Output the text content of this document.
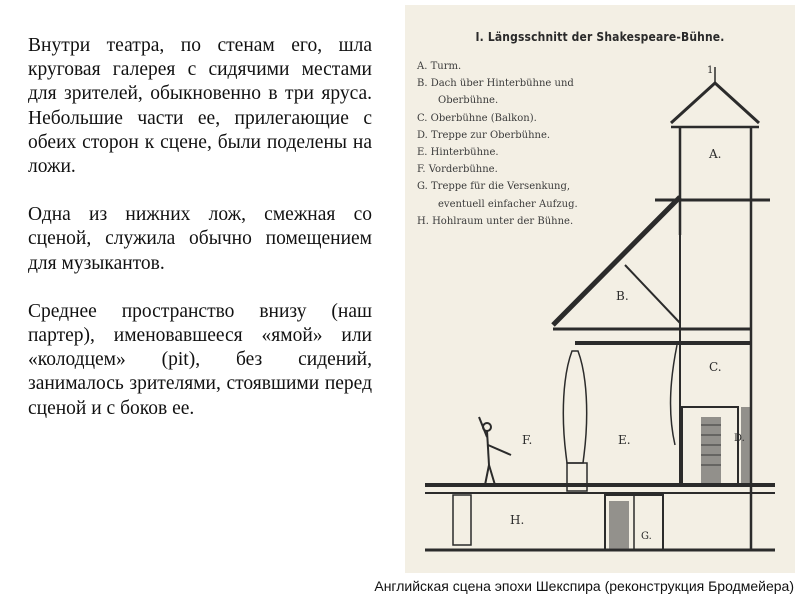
Внутри театра, по стенам его, шла круговая галерея с сидячими местами для зрителей, обыкновенно в три яруса. Небольшие части ее, прилегающие с обеих сторон к сцене, были поделены на ложи.

Одна из нижних лож, смежная со сценой, служила обычно помещением для музыкантов.

Среднее пространство внизу (наш партер), именовавшееся «ямой» или «колодцем» (pit), без сидений, занималось зрителями, стоявшими перед сценой и с боков ее.

I. Längsschnitt der Shakespeare-Bühne.
A. Turm.
B. Dach über Hinterbühne und
Oberbühne.
C. Oberbühne (Balkon).
D. Treppe zur Oberbühne.
E. Hinterbühne.
F. Vorderbühne.
G. Treppe für die Versenkung,
eventuell einfacher Aufzug.
H. Hohlraum unter der Bühne.
1
A.
B.
C.
D.
E.
F.
G.
H.
Английская сцена эпохи Шекспира (реконструкция Бродмейера)
